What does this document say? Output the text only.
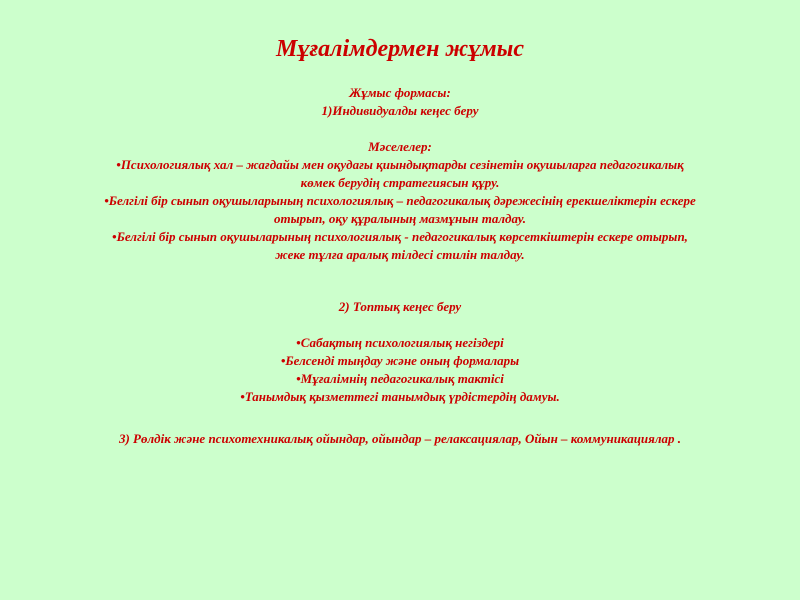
Мұғалімдермен жұмыс
Жұмыс формасы:
1)Индивидуалды кеңес беру
Мәселелер:
•Психологиялық хал – жағдайы мен оқудағы қиындықтарды сезінетін оқушыларға педагогикалық
көмек берудің стратегиясын құру.
•Белгілі бір сынып оқушыларының психологиялық – педагогикалық дәрежесінің ерекшеліктерін ескере
отырып, оқу құралының мазмұнын талдау.
•Белгілі бір сынып оқушыларының психологиялық - педагогикалық көрсеткіштерін ескере отырып,
жеке тұлға аралық тілдесі стилін талдау.
2) Топтық кеңес беру
•Сабақтың психологиялық негіздері
•Белсенді тыңдау және оның формалары
•Мұғалімнің педагогикалық тактісі
•Танымдық қызметтегі танымдық үрдістердің дамуы.
3) Рөлдік және психотехникалық ойындар, ойындар – релаксациялар, Ойын – коммуникациялар .
